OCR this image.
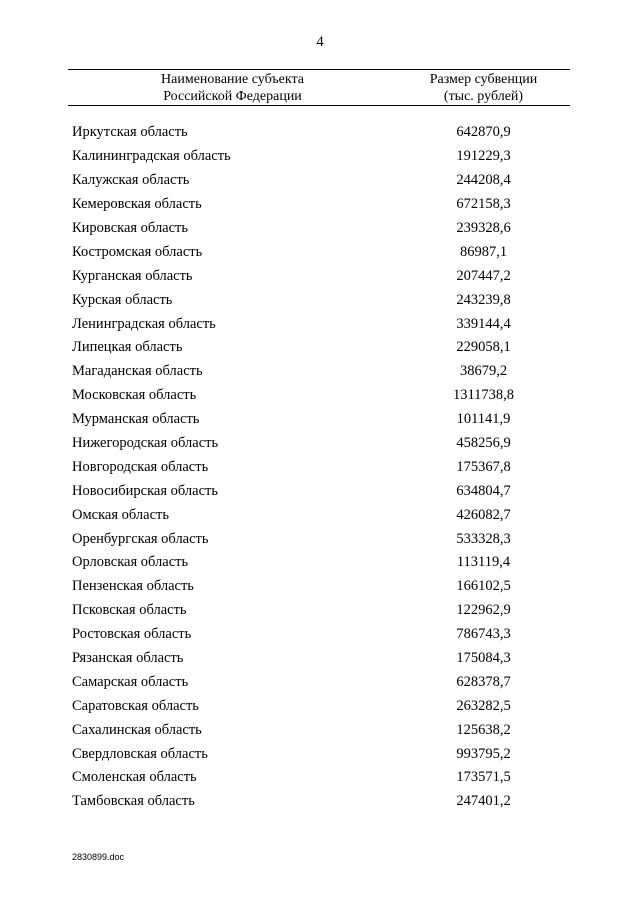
4
Наименование субъекта
Российской Федерации
Размер субвенции
(тыс. рублей)
Иркутская область	642870,9
Калининградская область	191229,3
Калужская область	244208,4
Кемеровская область	672158,3
Кировская область	239328,6
Костромская область	86987,1
Курганская область	207447,2
Курская область	243239,8
Ленинградская область	339144,4
Липецкая область	229058,1
Магаданская область	38679,2
Московская область	1311738,8
Мурманская область	101141,9
Нижегородская область	458256,9
Новгородская область	175367,8
Новосибирская область	634804,7
Омская область	426082,7
Оренбургская область	533328,3
Орловская область	113119,4
Пензенская область	166102,5
Псковская область	122962,9
Ростовская область	786743,3
Рязанская область	175084,3
Самарская область	628378,7
Саратовская область	263282,5
Сахалинская область	125638,2
Свердловская область	993795,2
Смоленская область	173571,5
Тамбовская область	247401,2
2830899.doc
